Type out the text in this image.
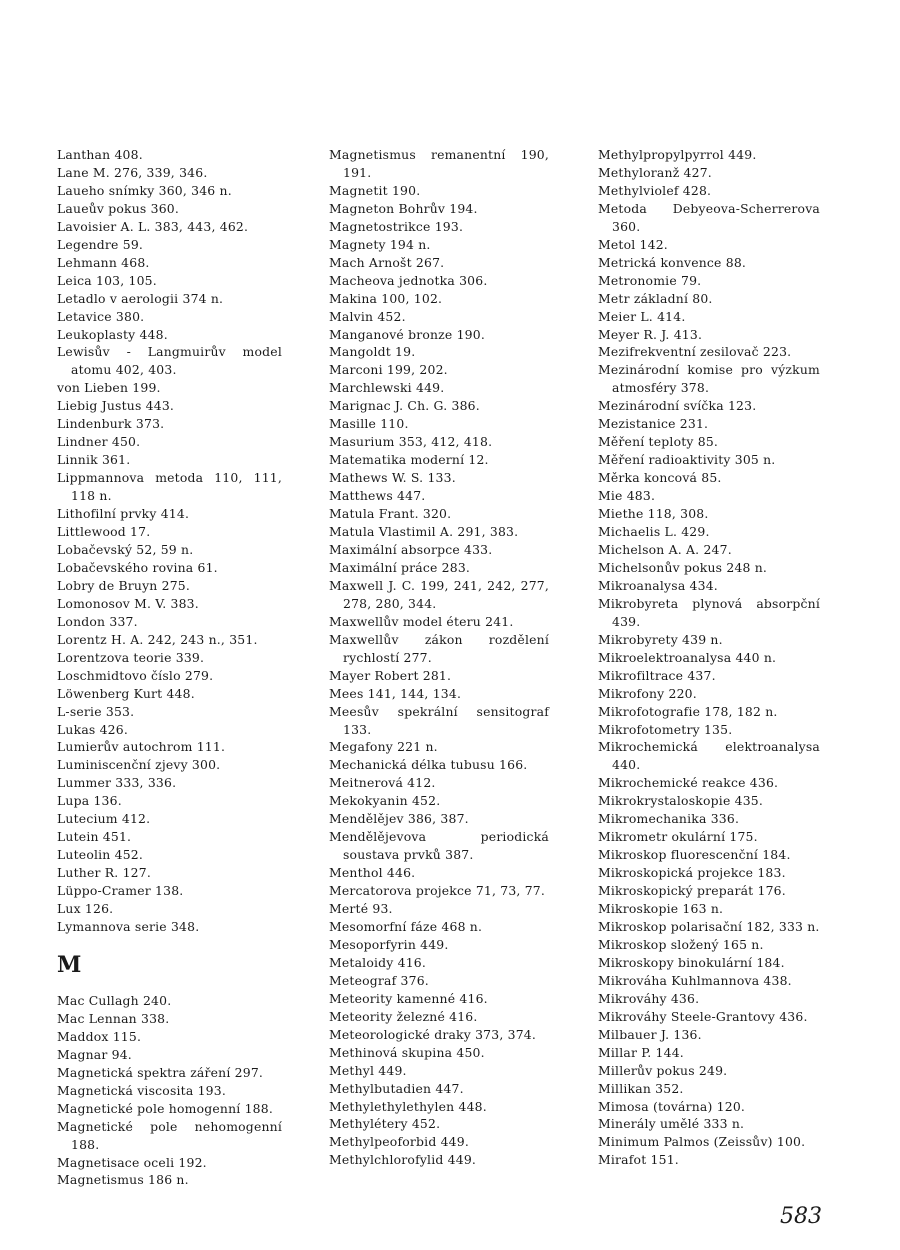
Lanthan 408.
Lane M. 276, 339, 346.
Laueho snímky 360, 346 n.
Laueův pokus 360.
Lavoisier A. L. 383, 443, 462.
Legendre 59.
Lehmann 468.
Leica 103, 105.
Letadlo v aerologii 374 n.
Letavice 380.
Leukoplasty 448.
Lewisův - Langmuirův model atomu 402, 403.
von Lieben 199.
Liebig Justus 443.
Lindenburk 373.
Lindner 450.
Linnik 361.
Lippmannova metoda 110, 111, 118 n.
Lithofilní prvky 414.
Littlewood 17.
Lobačevský 52, 59 n.
Lobačevského rovina 61.
Lobry de Bruyn 275.
Lomonosov M. V. 383.
London 337.
Lorentz H. A. 242, 243 n., 351.
Lorentzova teorie 339.
Loschmidtovo číslo 279.
Löwenberg Kurt 448.
L-serie 353.
Lukas 426.
Lumierův autochrom 111.
Luminiscenční zjevy 300.
Lummer 333, 336.
Lupa 136.
Lutecium 412.
Lutein 451.
Luteolin 452.
Luther R. 127.
Lüppo-Cramer 138.
Lux 126.
Lymannova serie 348.
M
Mac Cullagh 240.
Mac Lennan 338.
Maddox 115.
Magnar 94.
Magnetická spektra záření 297.
Magnetická viscosita 193.
Magnetické pole homogenní 188.
Magnetické pole nehomogenní 188.
Magnetisace oceli 192.
Magnetismus 186 n.
Magnetismus remanentní 190, 191.
Magnetit 190.
Magneton Bohrův 194.
Magnetostrikce 193.
Magnety 194 n.
Mach Arnošt 267.
Macheova jednotka 306.
Makina 100, 102.
Malvin 452.
Manganové bronze 190.
Mangoldt 19.
Marconi 199, 202.
Marchlewski 449.
Marignac J. Ch. G. 386.
Masille 110.
Masurium 353, 412, 418.
Matematika moderní 12.
Mathews W. S. 133.
Matthews 447.
Matula Frant. 320.
Matula Vlastimil A. 291, 383.
Maximální absorpce 433.
Maximální práce 283.
Maxwell J. C. 199, 241, 242, 277, 278, 280, 344.
Maxwellův model éteru 241.
Maxwellův zákon rozdělení rychlostí 277.
Mayer Robert 281.
Mees 141, 144, 134.
Meesův spekrální sensitograf 133.
Megafony 221 n.
Mechanická délka tubusu 166.
Meitnerová 412.
Mekokyanin 452.
Mendělějev 386, 387.
Mendělějevova periodická soustava prvků 387.
Menthol 446.
Mercatorova projekce 71, 73, 77.
Merté 93.
Mesomorfní fáze 468 n.
Mesoporfyrin 449.
Metaloidy 416.
Meteograf 376.
Meteority kamenné 416.
Meteority železné 416.
Meteorologické draky 373, 374.
Methinová skupina 450.
Methyl 449.
Methylbutadien 447.
Methylethylethylen 448.
Methylétery 452.
Methylpeoforbid 449.
Methylchlorofylid 449.
Methylpropylpyrrol 449.
Methyloranž 427.
Methylviolef 428.
Metoda Debyeova-Scherrerova 360.
Metol 142.
Metrická konvence 88.
Metronomie 79.
Metr základní 80.
Meier L. 414.
Meyer R. J. 413.
Mezifrekventní zesilovač 223.
Mezinárodní komise pro výzkum atmosféry 378.
Mezinárodní svíčka 123.
Mezistanice 231.
Měření teploty 85.
Měření radioaktivity 305 n.
Měrka koncová 85.
Mie 483.
Miethe 118, 308.
Michaelis L. 429.
Michelson A. A. 247.
Michelsonův pokus 248 n.
Mikroanalysa 434.
Mikrobyreta plynová absorpční 439.
Mikrobyrety 439 n.
Mikroelektroanalysa 440 n.
Mikrofiltrace 437.
Mikrofony 220.
Mikrofotografie 178, 182 n.
Mikrofotometry 135.
Mikrochemická elektroanalysa 440.
Mikrochemické reakce 436.
Mikrokrystaloskopie 435.
Mikromechanika 336.
Mikrometr okulární 175.
Mikroskop fluorescenční 184.
Mikroskopická projekce 183.
Mikroskopický preparát 176.
Mikroskopie 163 n.
Mikroskop polarisační 182, 333 n.
Mikroskop složený 165 n.
Mikroskopy binokulární 184.
Mikrováha Kuhlmannova 438.
Mikrováhy 436.
Mikrováhy Steele-Grantovy 436.
Milbauer J. 136.
Millar P. 144.
Millerův pokus 249.
Millikan 352.
Mimosa (továrna) 120.
Minerály umělé 333 n.
Minimum Palmos (Zeissův) 100.
Mirafot 151.
583
